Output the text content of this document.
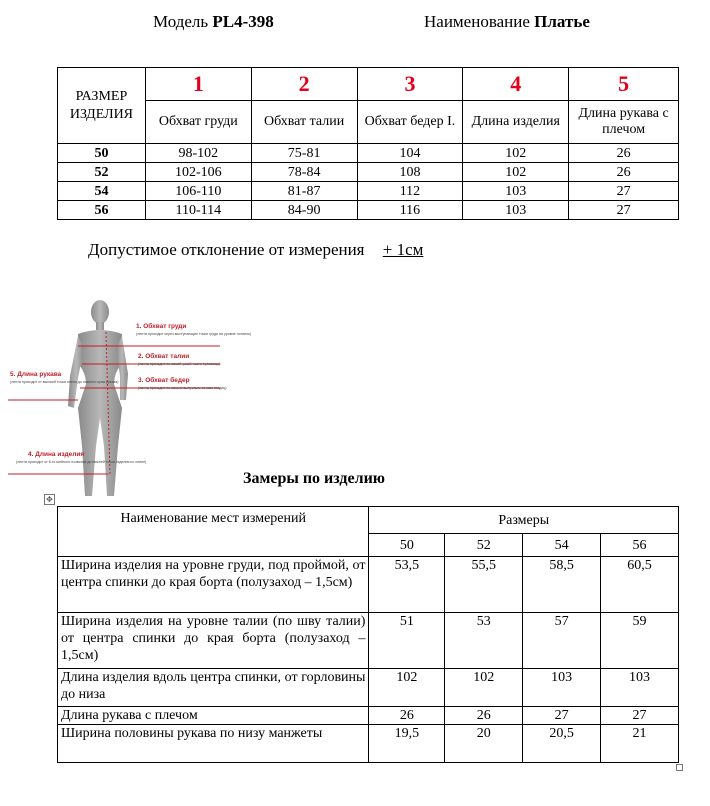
Модель PL4-398	Наименование Платье
РАЗМЕР ИЗДЕЛИЯ	1	2	3	4	5
	Обхват груди	Обхват талии	Обхват бедер I.	Длина изделия	Длина рукава с плечом
50	98-102	75-81	104	102	26
52	102-106	78-84	108	102	26
54	106-110	81-87	112	103	27
56	110-114	84-90	116	103	27
Допустимое отклонение от измерения + 1см
1. Обхват груди
2. Обхват талии
3. Обхват бедер
5. Длина рукава
4. Длина изделия
(лента проходит через выступающие точки груди на уровне лопаток)
(лента проходит по самой узкой части туловища)
(лента проходит по самым выпуклым точкам ягодиц)
(лента проходит от высшей точки плеча до нижнего края рукава)
(лента проходит от 6-го шейного позвонка до нижней точки изделия по спине)
Замеры по изделию
✥
Наименование мест измерений	Размеры			
	50	52	54	56
Ширина изделия на уровне груди, под проймой, от центра спинки до края борта (полузаход – 1,5см)	53,5	55,5	58,5	60,5
Ширина изделия на уровне талии (по шву талии) от центра спинки до края борта (полузаход – 1,5см)	51	53	57	59
Длина изделия вдоль центра спинки, от горловины до низа	102	102	103	103
Длина рукава с плечом	26	26	27	27
Ширина половины рукава по низу манжеты	19,5	20	20,5	21
